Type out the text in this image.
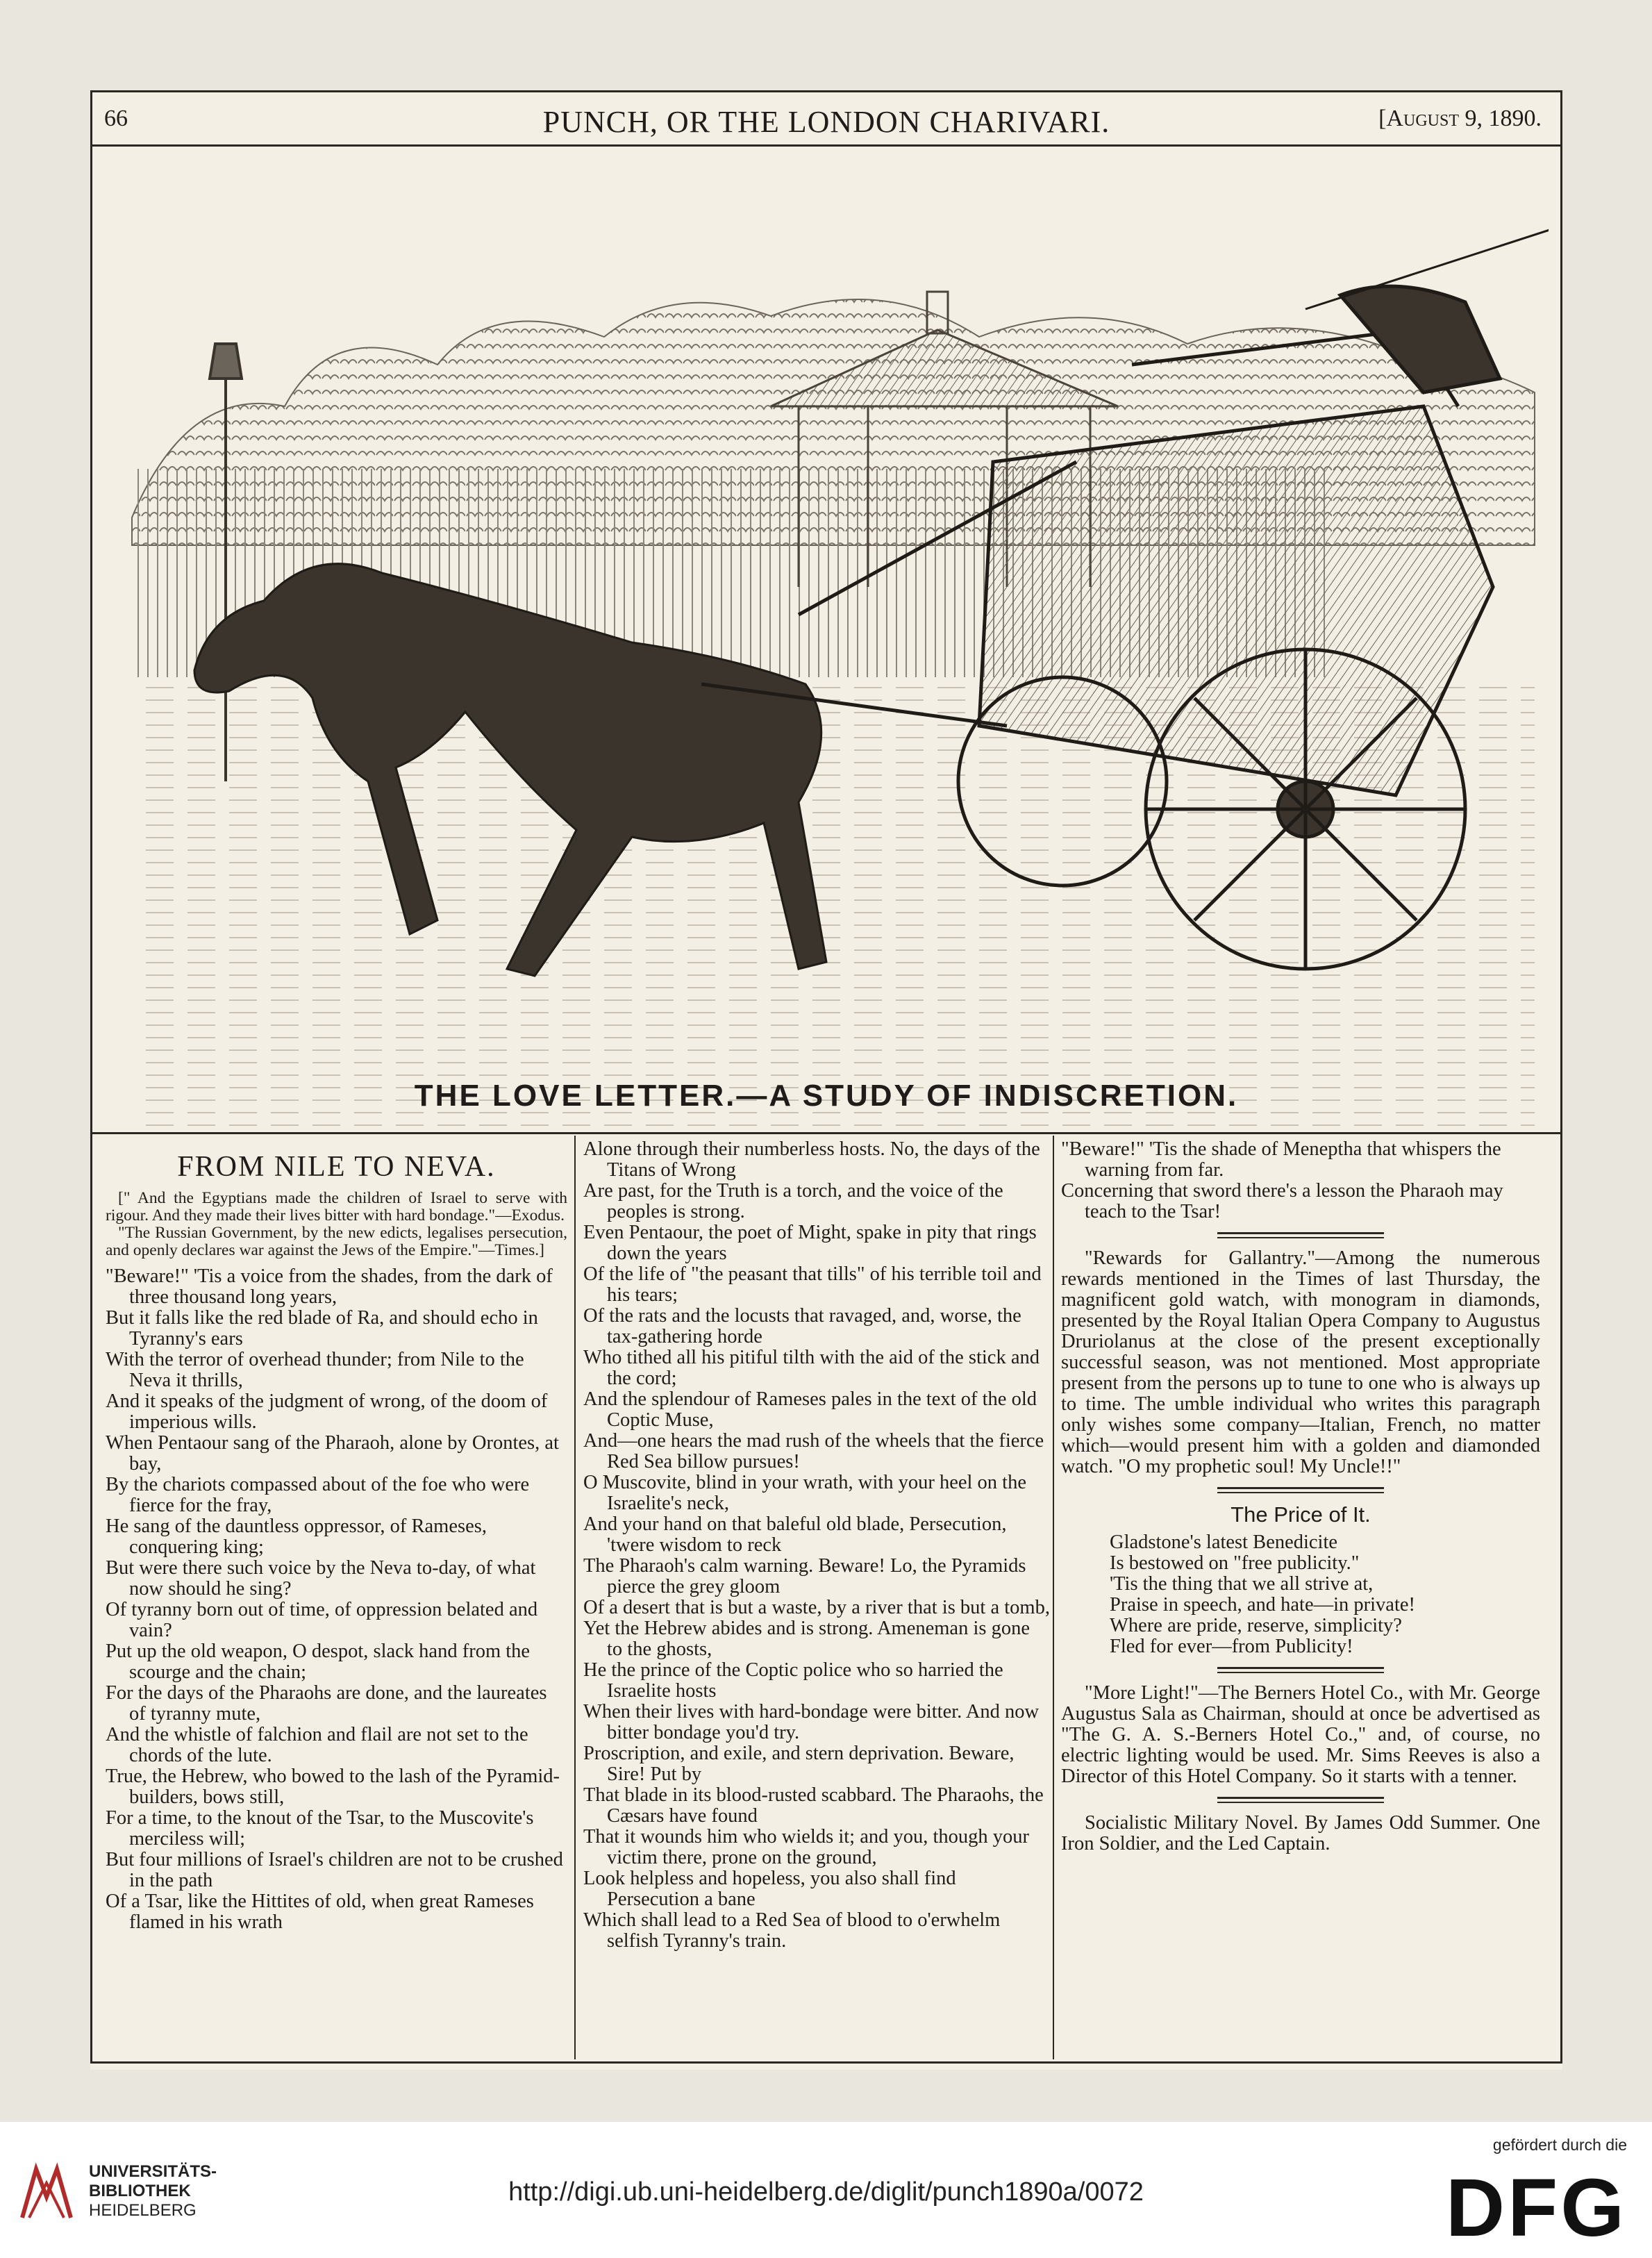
66	PUNCH, OR THE LONDON CHARIVARI.	[August 9, 1890.
THE LOVE LETTER.—A STUDY OF INDISCRETION.
FROM NILE TO NEVA.

[" And the Egyptians made the children of Israel to serve with rigour. And they made their lives bitter with hard bondage."—Exodus.

"The Russian Government, by the new edicts, legalises persecution, and openly declares war against the Jews of the Empire."—Times.]

"Beware!" 'Tis a voice from the shades, from the dark of three thousand long years,

But it falls like the red blade of Ra, and should echo in Tyranny's ears

With the terror of overhead thunder; from Nile to the Neva it thrills,

And it speaks of the judgment of wrong, of the doom of imperious wills.

When Pentaour sang of the Pharaoh, alone by Orontes, at bay,

By the chariots compassed about of the foe who were fierce for the fray,

He sang of the dauntless oppressor, of Rameses, conquering king;

But were there such voice by the Neva to-day, of what now should he sing?

Of tyranny born out of time, of oppression belated and vain?

Put up the old weapon, O despot, slack hand from the scourge and the chain;

For the days of the Pharaohs are done, and the laureates of tyranny mute,

And the whistle of falchion and flail are not set to the chords of the lute.

True, the Hebrew, who bowed to the lash of the Pyramid-builders, bows still,

For a time, to the knout of the Tsar, to the Muscovite's merciless will;

But four millions of Israel's children are not to be crushed in the path

Of a Tsar, like the Hittites of old, when great Rameses flamed in his wrath

Alone through their numberless hosts. No, the days of the Titans of Wrong

Are past, for the Truth is a torch, and the voice of the peoples is strong.

Even Pentaour, the poet of Might, spake in pity that rings down the years

Of the life of "the peasant that tills" of his terrible toil and his tears;

Of the rats and the locusts that ravaged, and, worse, the tax-gathering horde

Who tithed all his pitiful tilth with the aid of the stick and the cord;

And the splendour of Rameses pales in the text of the old Coptic Muse,

And—one hears the mad rush of the wheels that the fierce Red Sea billow pursues!

O Muscovite, blind in your wrath, with your heel on the Israelite's neck,

And your hand on that baleful old blade, Persecution, 'twere wisdom to reck

The Pharaoh's calm warning. Beware! Lo, the Pyramids pierce the grey gloom

Of a desert that is but a waste, by a river that is but a tomb,

Yet the Hebrew abides and is strong. Ameneman is gone to the ghosts,

He the prince of the Coptic police who so harried the Israelite hosts

When their lives with hard-bondage were bitter. And now bitter bondage you'd try.

Proscription, and exile, and stern deprivation. Beware, Sire! Put by

That blade in its blood-rusted scabbard. The Pharaohs, the Cæsars have found

That it wounds him who wields it; and you, though your victim there, prone on the ground,

Look helpless and hopeless, you also shall find Persecution a bane

Which shall lead to a Red Sea of blood to o'erwhelm selfish Tyranny's train.

"Beware!" 'Tis the shade of Meneptha that whispers the warning from far.

Concerning that sword there's a lesson the Pharaoh may teach to the Tsar!

"Rewards for Gallantry."—Among the numerous rewards mentioned in the Times of last Thursday, the magnificent gold watch, with monogram in diamonds, presented by the Royal Italian Opera Company to Augustus Druriolanus at the close of the present exceptionally successful season, was not mentioned. Most appropriate present from the persons up to tune to one who is always up to time. The umble individual who writes this paragraph only wishes some company—Italian, French, no matter which—would present him with a golden and diamonded watch. "O my prophetic soul! My Uncle!!"

The Price of It.

Gladstone's latest Benedicite

Is bestowed on "free publicity."

'Tis the thing that we all strive at,

Praise in speech, and hate—in private!

Where are pride, reserve, simplicity?

Fled for ever—from Publicity!

"More Light!"—The Berners Hotel Co., with Mr. George Augustus Sala as Chairman, should at once be advertised as "The G. A. S.-Berners Hotel Co.," and, of course, no electric lighting would be used. Mr. Sims Reeves is also a Director of this Hotel Company. So it starts with a tenner.

Socialistic Military Novel. By James Odd Summer. One Iron Soldier, and the Led Captain.

UNIVERSITÄTS-
BIBLIOTHEK
HEIDELBERG
http://digi.ub.uni-heidelberg.de/diglit/punch1890a/0072
gefördert durch die
DFG
